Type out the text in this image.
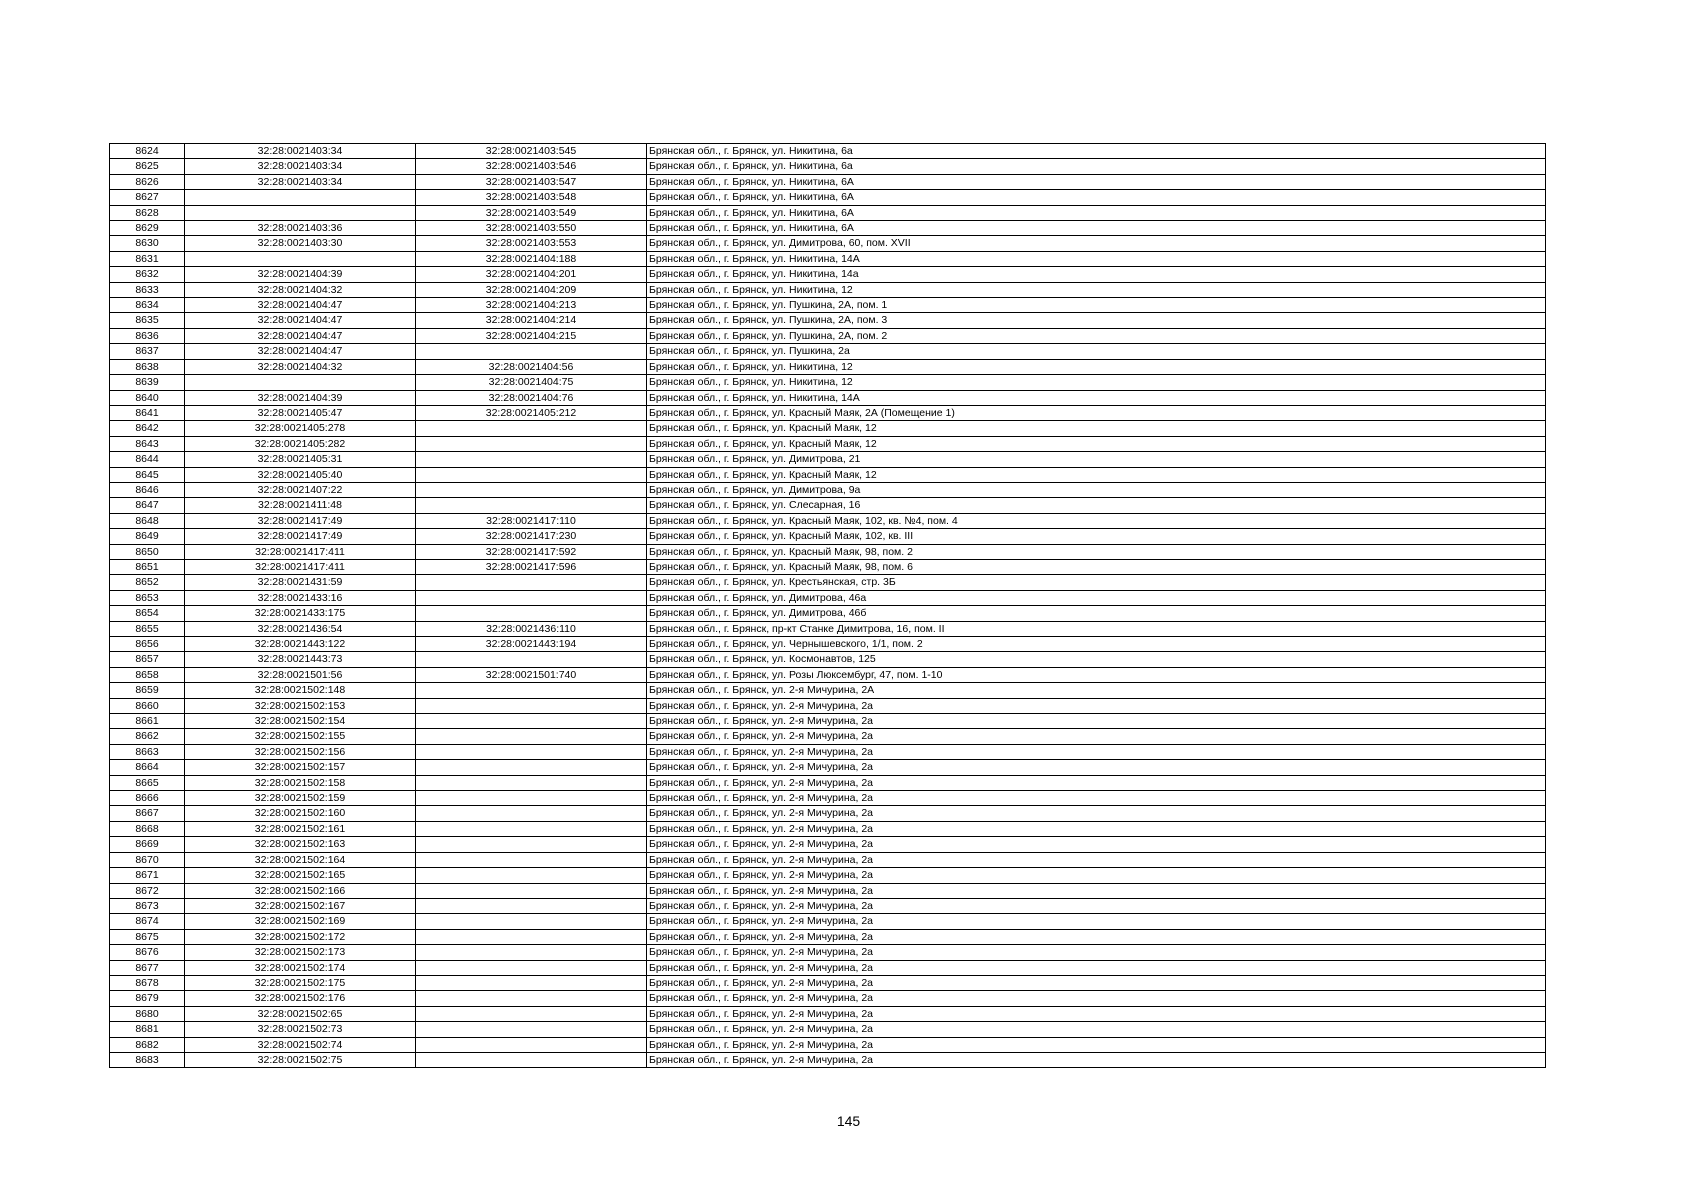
8624	32:28:0021403:34	32:28:0021403:545	Брянская обл., г. Брянск, ул. Никитина, 6а
8625	32:28:0021403:34	32:28:0021403:546	Брянская обл., г. Брянск, ул. Никитина, 6а
8626	32:28:0021403:34	32:28:0021403:547	Брянская обл., г. Брянск, ул. Никитина, 6А
8627		32:28:0021403:548	Брянская обл., г. Брянск, ул. Никитина, 6А
8628		32:28:0021403:549	Брянская обл., г. Брянск, ул. Никитина, 6А
8629	32:28:0021403:36	32:28:0021403:550	Брянская обл., г. Брянск, ул. Никитина, 6А
8630	32:28:0021403:30	32:28:0021403:553	Брянская обл., г. Брянск, ул. Димитрова, 60, пом. XVII
8631		32:28:0021404:188	Брянская обл., г. Брянск, ул. Никитина, 14А
8632	32:28:0021404:39	32:28:0021404:201	Брянская обл., г. Брянск, ул. Никитина, 14а
8633	32:28:0021404:32	32:28:0021404:209	Брянская обл., г. Брянск, ул. Никитина, 12
8634	32:28:0021404:47	32:28:0021404:213	Брянская обл., г. Брянск, ул. Пушкина, 2А, пом. 1
8635	32:28:0021404:47	32:28:0021404:214	Брянская обл., г. Брянск, ул. Пушкина, 2А, пом. 3
8636	32:28:0021404:47	32:28:0021404:215	Брянская обл., г. Брянск, ул. Пушкина, 2А, пом. 2
8637	32:28:0021404:47		Брянская обл., г. Брянск, ул. Пушкина, 2а
8638	32:28:0021404:32	32:28:0021404:56	Брянская обл., г. Брянск, ул. Никитина, 12
8639		32:28:0021404:75	Брянская обл., г. Брянск, ул. Никитина, 12
8640	32:28:0021404:39	32:28:0021404:76	Брянская обл., г. Брянск, ул. Никитина, 14А
8641	32:28:0021405:47	32:28:0021405:212	Брянская обл., г. Брянск, ул. Красный Маяк, 2А (Помещение 1)
8642	32:28:0021405:278		Брянская обл., г. Брянск, ул. Красный Маяк, 12
8643	32:28:0021405:282		Брянская обл., г. Брянск, ул. Красный Маяк, 12
8644	32:28:0021405:31		Брянская обл., г. Брянск, ул. Димитрова, 21
8645	32:28:0021405:40		Брянская обл., г. Брянск, ул. Красный Маяк, 12
8646	32:28:0021407:22		Брянская обл., г. Брянск, ул. Димитрова, 9а
8647	32:28:0021411:48		Брянская обл., г. Брянск, ул. Слесарная, 16
8648	32:28:0021417:49	32:28:0021417:110	Брянская обл., г. Брянск, ул. Красный Маяк, 102, кв. №4, пом. 4
8649	32:28:0021417:49	32:28:0021417:230	Брянская обл., г. Брянск, ул. Красный Маяк, 102, кв. III
8650	32:28:0021417:411	32:28:0021417:592	Брянская обл., г. Брянск, ул. Красный Маяк, 98, пом. 2
8651	32:28:0021417:411	32:28:0021417:596	Брянская обл., г. Брянск, ул. Красный Маяк, 98, пом. 6
8652	32:28:0021431:59		Брянская обл., г. Брянск, ул. Крестьянская, стр. 3Б
8653	32:28:0021433:16		Брянская обл., г. Брянск, ул. Димитрова, 46а
8654	32:28:0021433:175		Брянская обл., г. Брянск, ул. Димитрова, 46б
8655	32:28:0021436:54	32:28:0021436:110	Брянская обл., г. Брянск, пр-кт Станке Димитрова, 16, пом. II
8656	32:28:0021443:122	32:28:0021443:194	Брянская обл., г. Брянск, ул. Чернышевского, 1/1, пом. 2
8657	32:28:0021443:73		Брянская обл., г. Брянск, ул. Космонавтов, 125
8658	32:28:0021501:56	32:28:0021501:740	Брянская обл., г. Брянск, ул. Розы Люксембург, 47, пом. 1-10
8659	32:28:0021502:148		Брянская обл., г. Брянск, ул. 2-я Мичурина, 2А
8660	32:28:0021502:153		Брянская обл., г. Брянск, ул. 2-я Мичурина, 2а
8661	32:28:0021502:154		Брянская обл., г. Брянск, ул. 2-я Мичурина, 2а
8662	32:28:0021502:155		Брянская обл., г. Брянск, ул. 2-я Мичурина, 2а
8663	32:28:0021502:156		Брянская обл., г. Брянск, ул. 2-я Мичурина, 2а
8664	32:28:0021502:157		Брянская обл., г. Брянск, ул. 2-я Мичурина, 2а
8665	32:28:0021502:158		Брянская обл., г. Брянск, ул. 2-я Мичурина, 2а
8666	32:28:0021502:159		Брянская обл., г. Брянск, ул. 2-я Мичурина, 2а
8667	32:28:0021502:160		Брянская обл., г. Брянск, ул. 2-я Мичурина, 2а
8668	32:28:0021502:161		Брянская обл., г. Брянск, ул. 2-я Мичурина, 2а
8669	32:28:0021502:163		Брянская обл., г. Брянск, ул. 2-я Мичурина, 2а
8670	32:28:0021502:164		Брянская обл., г. Брянск, ул. 2-я Мичурина, 2а
8671	32:28:0021502:165		Брянская обл., г. Брянск, ул. 2-я Мичурина, 2а
8672	32:28:0021502:166		Брянская обл., г. Брянск, ул. 2-я Мичурина, 2а
8673	32:28:0021502:167		Брянская обл., г. Брянск, ул. 2-я Мичурина, 2а
8674	32:28:0021502:169		Брянская обл., г. Брянск, ул. 2-я Мичурина, 2а
8675	32:28:0021502:172		Брянская обл., г. Брянск, ул. 2-я Мичурина, 2а
8676	32:28:0021502:173		Брянская обл., г. Брянск, ул. 2-я Мичурина, 2а
8677	32:28:0021502:174		Брянская обл., г. Брянск, ул. 2-я Мичурина, 2а
8678	32:28:0021502:175		Брянская обл., г. Брянск, ул. 2-я Мичурина, 2а
8679	32:28:0021502:176		Брянская обл., г. Брянск, ул. 2-я Мичурина, 2а
8680	32:28:0021502:65		Брянская обл., г. Брянск, ул. 2-я Мичурина, 2а
8681	32:28:0021502:73		Брянская обл., г. Брянск, ул. 2-я Мичурина, 2а
8682	32:28:0021502:74		Брянская обл., г. Брянск, ул. 2-я Мичурина, 2а
8683	32:28:0021502:75		Брянская обл., г. Брянск, ул. 2-я Мичурина, 2а
145
